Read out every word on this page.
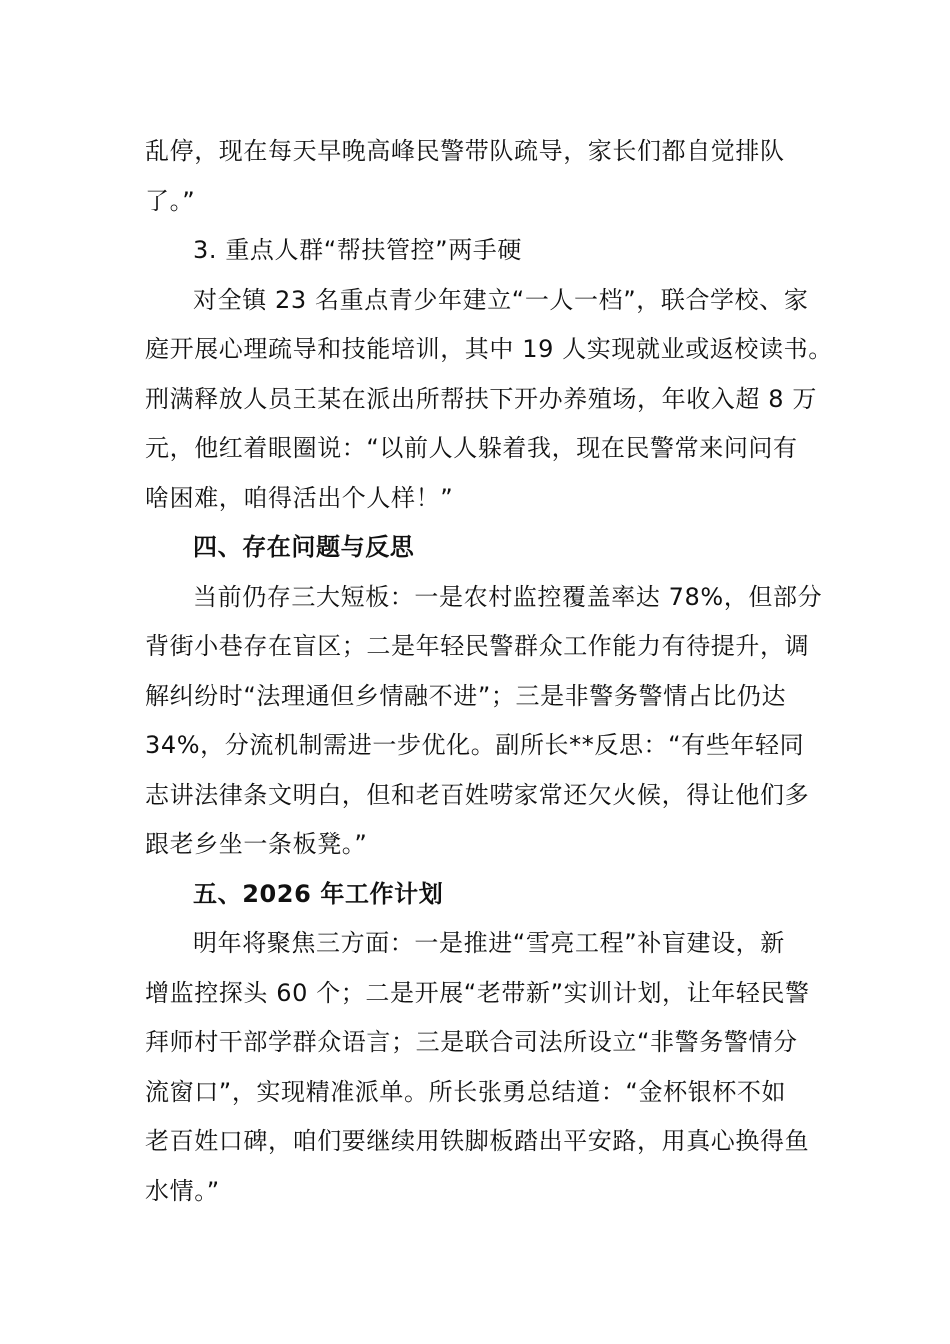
乱停，现在每天早晚高峰民警带队疏导，家长们都自觉排队
了。”
3. 重点人群“帮扶管控”两手硬
对全镇 23 名重点青少年建立“一人一档”，联合学校、家
庭开展心理疏导和技能培训，其中 19 人实现就业或返校读书。
刑满释放人员王某在派出所帮扶下开办养殖场，年收入超 8 万
元，他红着眼圈说：“以前人人躲着我，现在民警常来问问有
啥困难，咱得活出个人样！”
四、存在问题与反思
当前仍存三大短板：一是农村监控覆盖率达 78%，但部分
背街小巷存在盲区；二是年轻民警群众工作能力有待提升，调
解纠纷时“法理通但乡情融不进”；三是非警务警情占比仍达
34%，分流机制需进一步优化。副所长**反思：“有些年轻同
志讲法律条文明白，但和老百姓唠家常还欠火候，得让他们多
跟老乡坐一条板凳。”
五、2026 年工作计划
明年将聚焦三方面：一是推进“雪亮工程”补盲建设，新
增监控探头 60 个；二是开展“老带新”实训计划，让年轻民警
拜师村干部学群众语言；三是联合司法所设立“非警务警情分
流窗口”，实现精准派单。所长张勇总结道：“金杯银杯不如
老百姓口碑，咱们要继续用铁脚板踏出平安路，用真心换得鱼
水情。”
